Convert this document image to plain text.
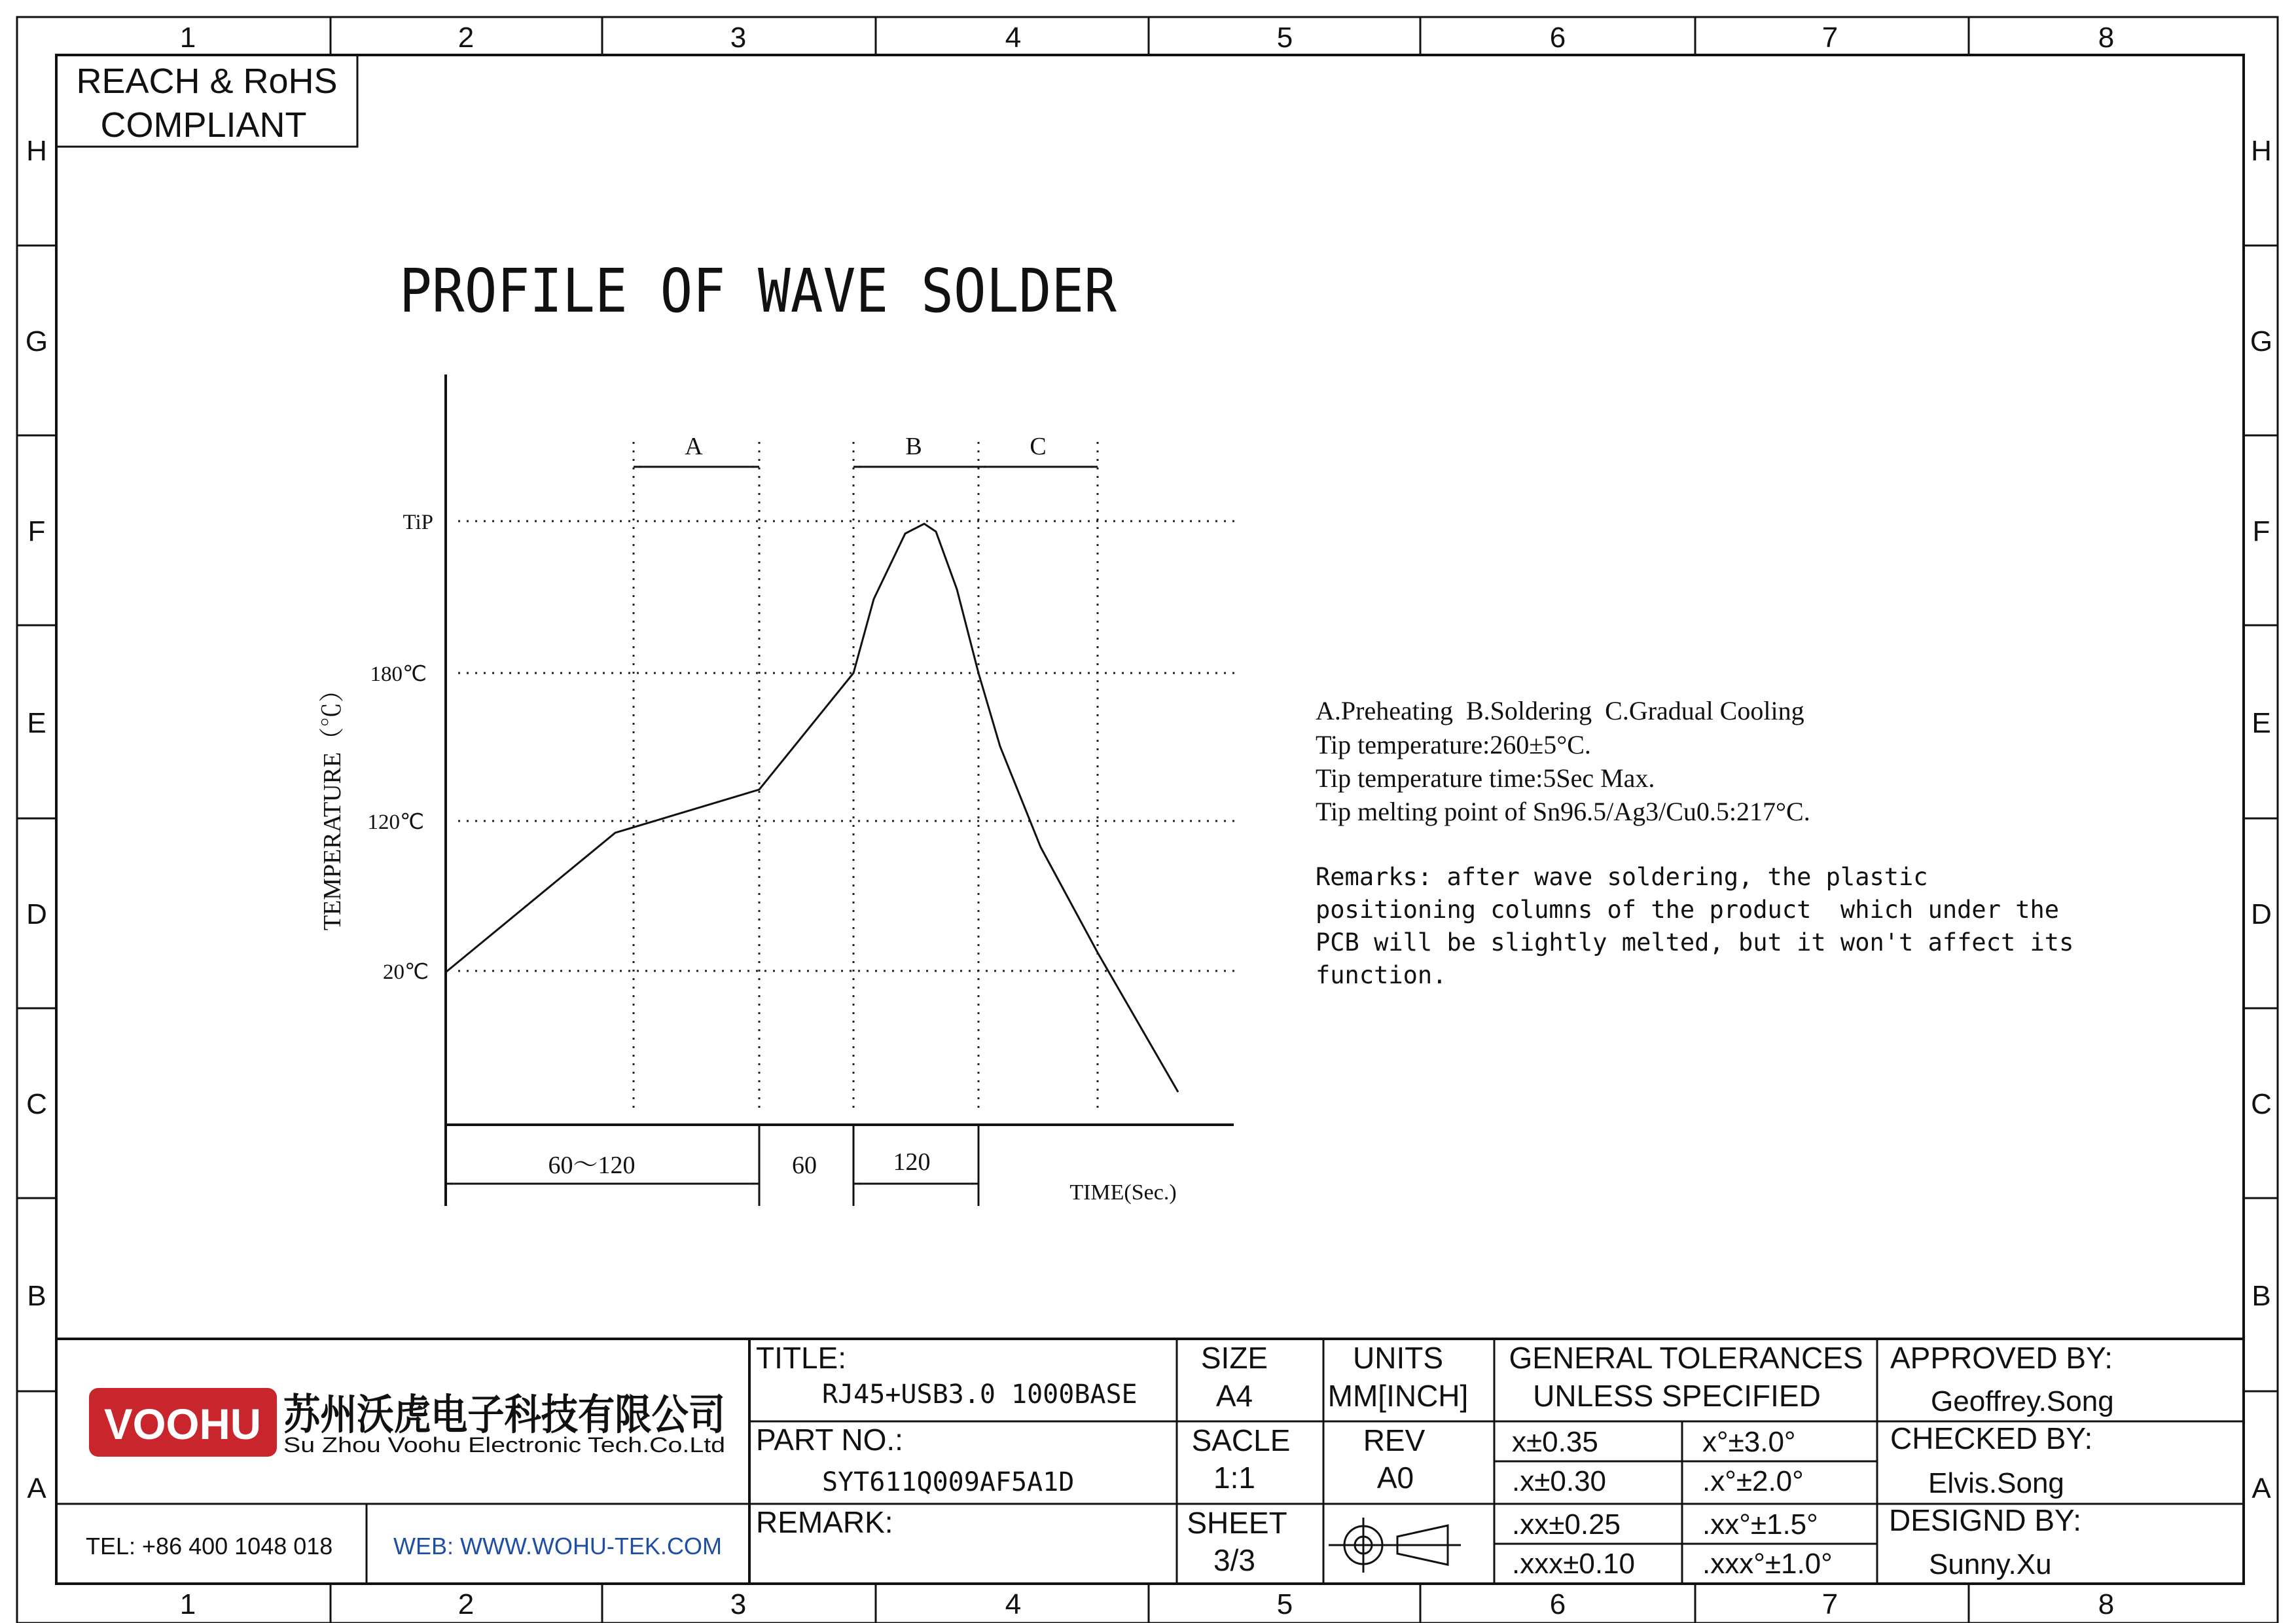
1
1
2
2
3
3
4
4
5
5
6
6
7
7
8
8
H	H
G	G
F	F
E	E
D	D
C	C
B	B
A	A
REACH & RoHS
COMPLIANT
PROFILE OF WAVE SOLDER
TiP
180℃
120℃
20℃
TEMPERATURE（℃）
A	B	C
60～120	60	120
TIME(Sec.)
A.Preheating  B.Soldering  C.Gradual Cooling
Tip temperature:260±5°C.
Tip temperature time:5Sec Max.
Tip melting point of Sn96.5/Ag3/Cu0.5:217°C.
Remarks: after wave soldering, the plastic
positioning columns of the product  which under the
PCB will be slightly melted, but it won't affect its
function.
VOOHU 苏州沃虎电子科技有限公司
Su Zhou Voohu Electronic Tech.Co.Ltd
TEL: +86 400 1048 018	WEB: WWW.WOHU-TEK.COM
TITLE:
RJ45+USB3.0 1000BASE
PART NO.:
SYT611Q009AF5A1D
REMARK:
SIZE
A4
SACLE
1:1
SHEET
3/3
UNITS
MM[INCH]
REV
A0
GENERAL TOLERANCES
UNLESS SPECIFIED
x±0.35	x°±3.0°
.x±0.30	.x°±2.0°
.xx±0.25	.xx°±1.5°
.xxx±0.10 .xxx°±1.0°
APPROVED BY:
Geoffrey.Song
CHECKED BY:
Elvis.Song
DESIGND BY:
Sunny.Xu
